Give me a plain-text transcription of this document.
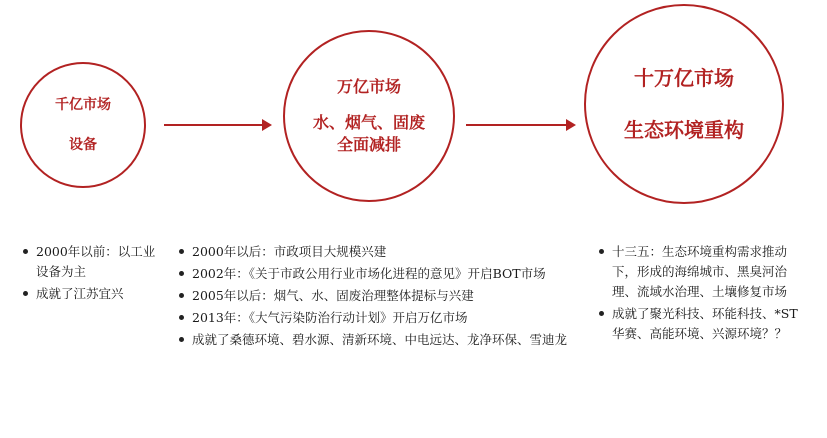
千亿市场
设备
万亿市场
水、烟气、固废
全面减排
十万亿市场
生态环境重构
2000年以前：以工业设备为主
成就了江苏宜兴
2000年以后：市政项目大规模兴建
2002年：《关于市政公用行业市场化进程的意见》开启BOT市场
2005年以后：烟气、水、固废治理整体提标与兴建
2013年：《大气污染防治行动计划》开启万亿市场
成就了桑德环境、碧水源、清新环境、中电远达、龙净环保、雪迪龙
十三五：生态环境重构需求推动下，形成的海绵城市、黑臭河治理、流域水治理、土壤修复市场
成就了聚光科技、环能科技、*ST华赛、高能环境、兴源环境？？
